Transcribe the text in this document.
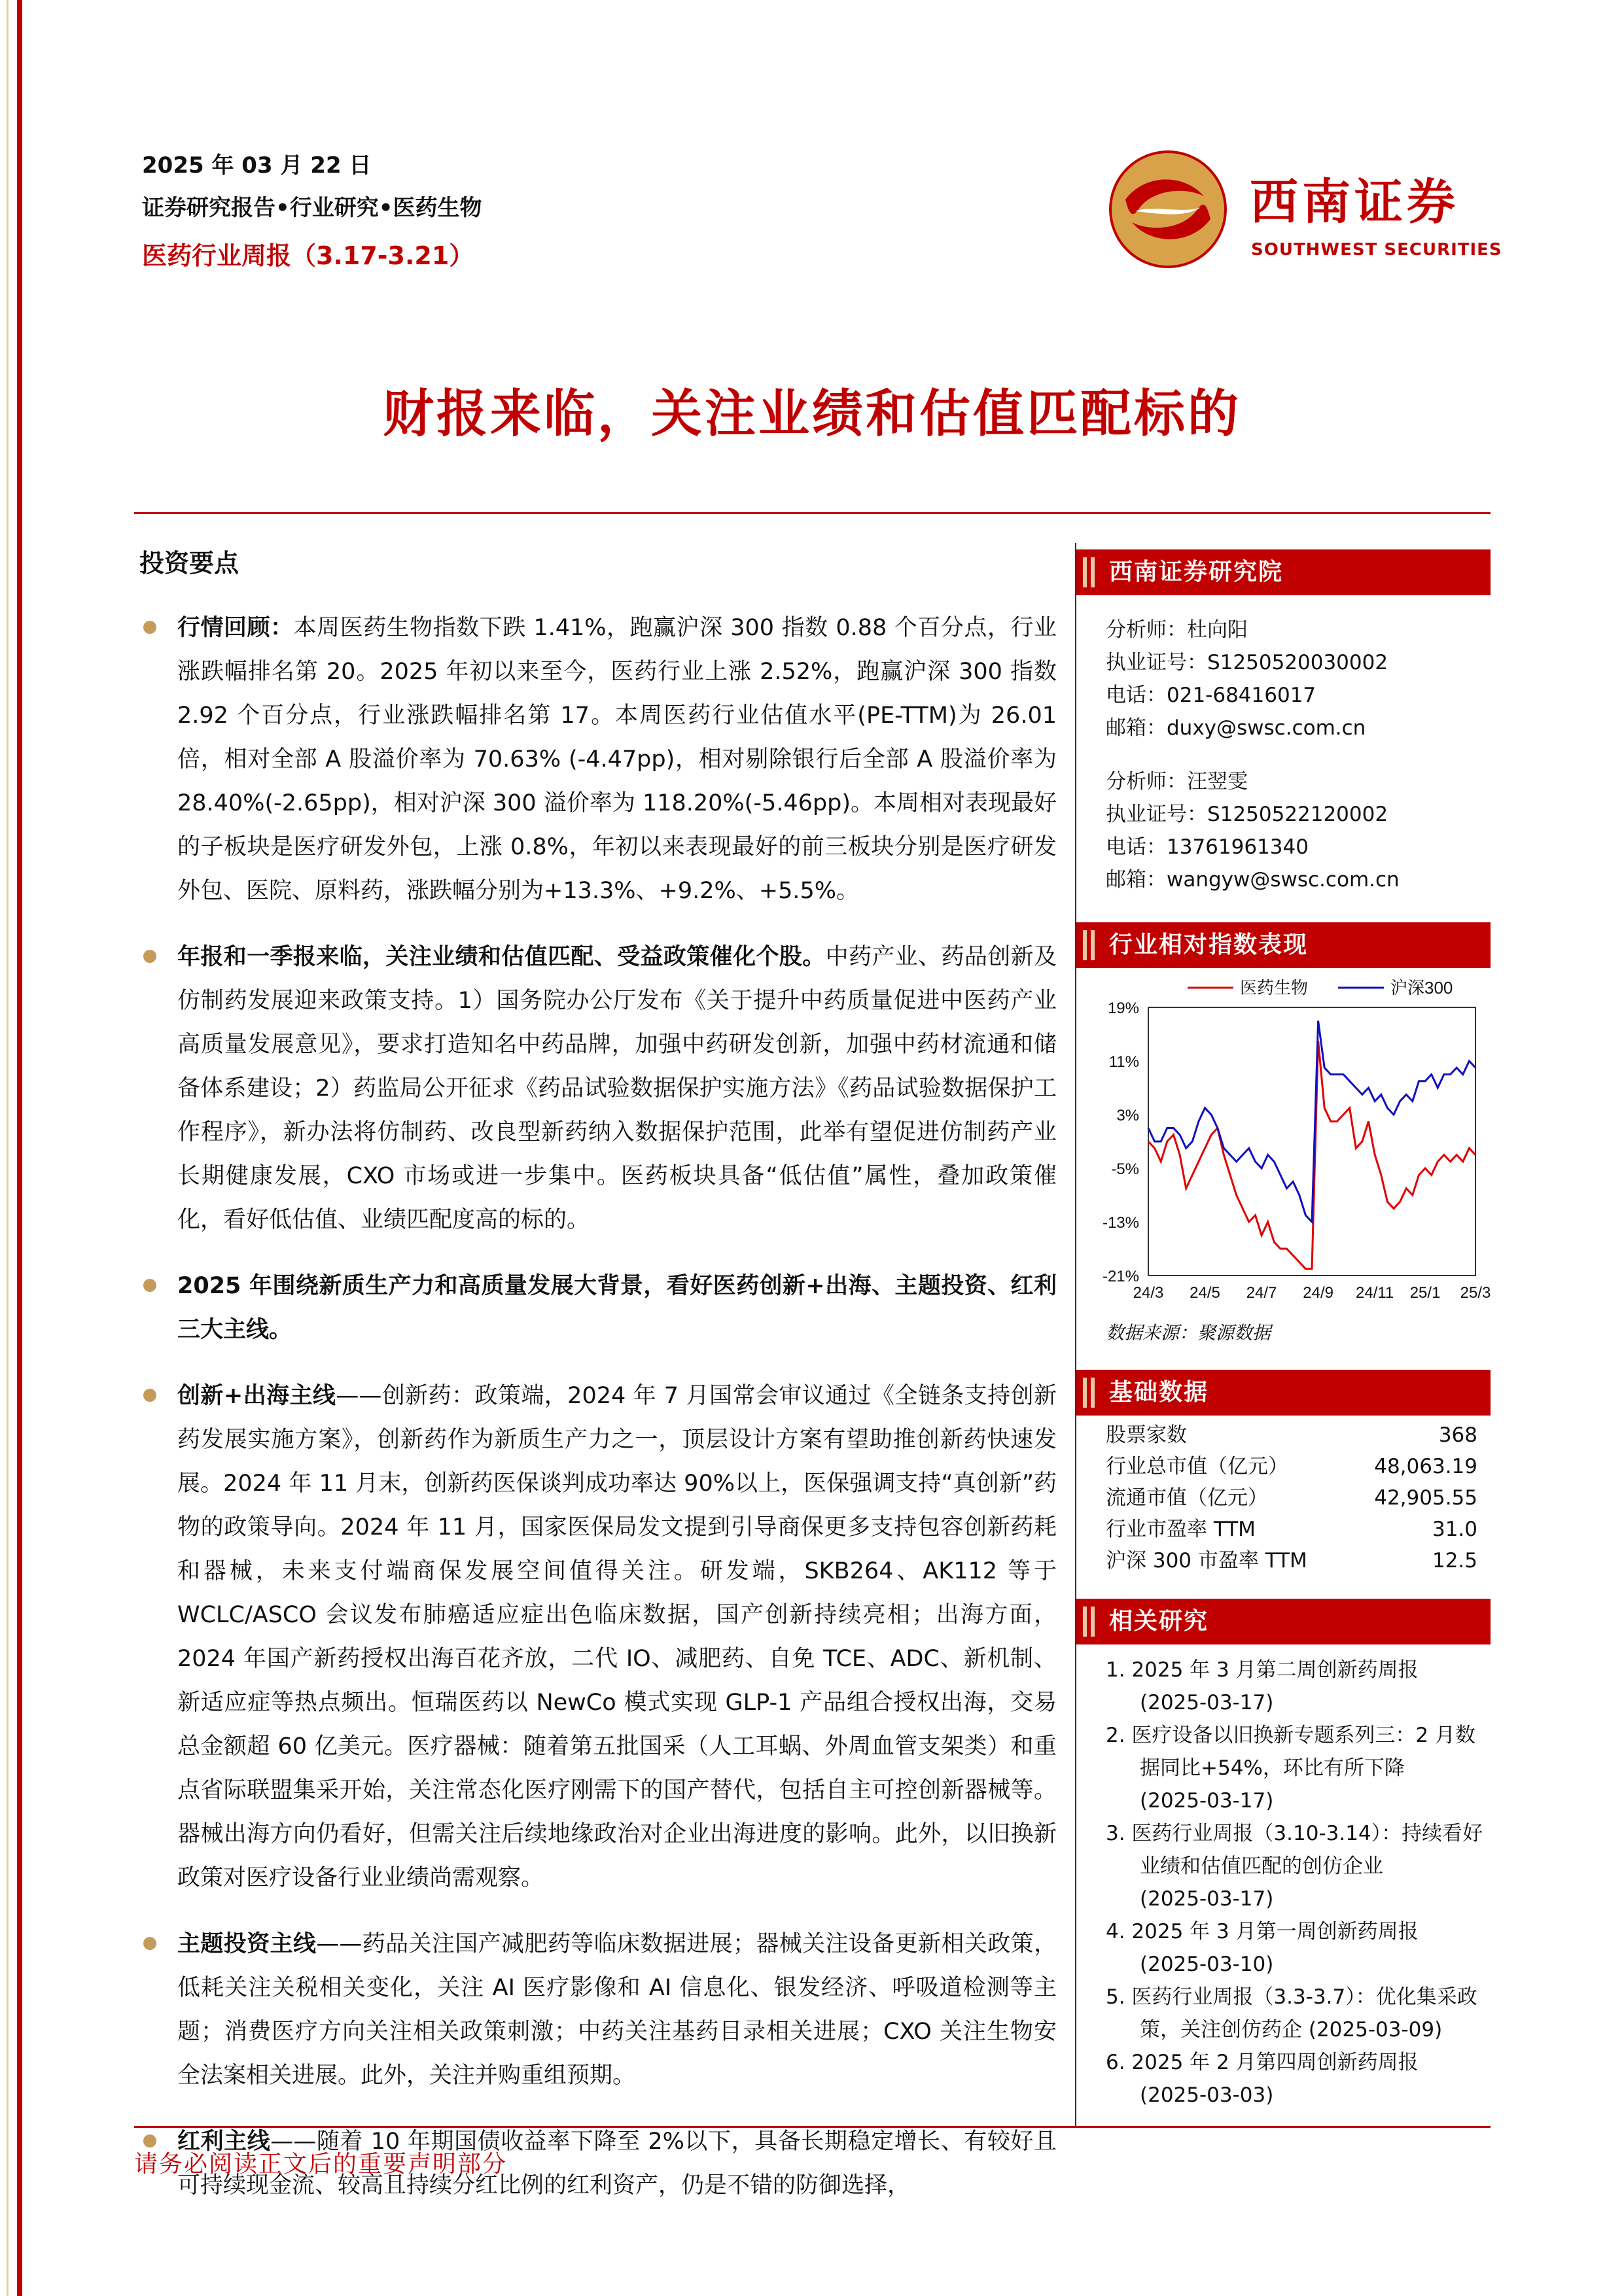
2025 年 03 月 22 日
证券研究报告•行业研究•医药生物
医药行业周报（3.17-3.21）
西南证券
SOUTHWEST SECURITIES
财报来临，关注业绩和估值匹配标的
投资要点
行情回顾：本周医药生物指数下跌 1.41%，跑赢沪深 300 指数 0.88 个百分点，行业涨跌幅排名第 20。2025 年初以来至今，医药行业上涨 2.52%，跑赢沪深 300 指数 2.92 个百分点，行业涨跌幅排名第 17。本周医药行业估值水平(PE-TTM)为 26.01 倍，相对全部 A 股溢价率为 70.63% (-4.47pp)，相对剔除银行后全部 A 股溢价率为 28.40%(-2.65pp)，相对沪深 300 溢价率为 118.20%(-5.46pp)。本周相对表现最好的子板块是医疗研发外包，上涨 0.8%，年初以来表现最好的前三板块分别是医疗研发外包、医院、原料药，涨跌幅分别为+13.3%、+9.2%、+5.5%。
年报和一季报来临，关注业绩和估值匹配、受益政策催化个股。中药产业、药品创新及仿制药发展迎来政策支持。1）国务院办公厅发布《关于提升中药质量促进中医药产业高质量发展意见》，要求打造知名中药品牌，加强中药研发创新，加强中药材流通和储备体系建设；2）药监局公开征求《药品试验数据保护实施方法》《药品试验数据保护工作程序》，新办法将仿制药、改良型新药纳入数据保护范围，此举有望促进仿制药产业长期健康发展，CXO 市场或进一步集中。医药板块具备“低估值”属性，叠加政策催化，看好低估值、业绩匹配度高的标的。
2025 年围绕新质生产力和高质量发展大背景，看好医药创新+出海、主题投资、红利三大主线。
创新+出海主线——创新药：政策端，2024 年 7 月国常会审议通过《全链条支持创新药发展实施方案》，创新药作为新质生产力之一，顶层设计方案有望助推创新药快速发展。2024 年 11 月末，创新药医保谈判成功率达 90%以上，医保强调支持“真创新”药物的政策导向。2024 年 11 月，国家医保局发文提到引导商保更多支持包容创新药耗和器械，未来支付端商保发展空间值得关注。研发端，SKB264、AK112 等于 WCLC/ASCO 会议发布肺癌适应症出色临床数据，国产创新持续亮相；出海方面，2024 年国产新药授权出海百花齐放，二代 IO、减肥药、自免 TCE、ADC、新机制、新适应症等热点频出。恒瑞医药以 NewCo 模式实现 GLP-1 产品组合授权出海，交易总金额超 60 亿美元。医疗器械：随着第五批国采（人工耳蜗、外周血管支架类）和重点省际联盟集采开始，关注常态化医疗刚需下的国产替代，包括自主可控创新器械等。器械出海方向仍看好，但需关注后续地缘政治对企业出海进度的影响。此外，以旧换新政策对医疗设备行业业绩尚需观察。
主题投资主线——药品关注国产减肥药等临床数据进展；器械关注设备更新相关政策，低耗关注关税相关变化，关注 AI 医疗影像和 AI 信息化、银发经济、呼吸道检测等主题；消费医疗方向关注相关政策刺激；中药关注基药目录相关进展；CXO 关注生物安全法案相关进展。此外，关注并购重组预期。
红利主线——随着 10 年期国债收益率下降至 2%以下，具备长期稳定增长、有较好且可持续现金流、较高且持续分红比例的红利资产，仍是不错的防御选择，
西南证券研究院
分析师：杜向阳
执业证号：S1250520030002
电话：021-68416017
邮箱：duxy@swsc.com.cn
分析师：汪翌雯
执业证号：S1250522120002
电话：13761961340
邮箱：wangyw@swsc.com.cn
行业相对指数表现
19%
11%
3%
-5%
-13%
-21%
24/3 24/5 24/7 24/9 24/11 25/1 25/3
医药生物	沪深300
数据来源：聚源数据
基础数据
股票家数	368
行业总市值（亿元）	48,063.19
流通市值（亿元）	42,905.55
行业市盈率 TTM	31.0
沪深 300 市盈率 TTM	12.5
相关研究
1. 2025 年 3 月第二周创新药周报
(2025-03-17)
2. 医疗设备以旧换新专题系列三：2 月数
据同比+54%，环比有所下降
(2025-03-17)
3. 医药行业周报（3.10-3.14）：持续看好
业绩和估值匹配的创仿企业
(2025-03-17)
4. 2025 年 3 月第一周创新药周报
(2025-03-10)
5. 医药行业周报（3.3-3.7）：优化集采政
策，关注创仿药企 (2025-03-09)
6. 2025 年 2 月第四周创新药周报
(2025-03-03)
请务必阅读正文后的重要声明部分
